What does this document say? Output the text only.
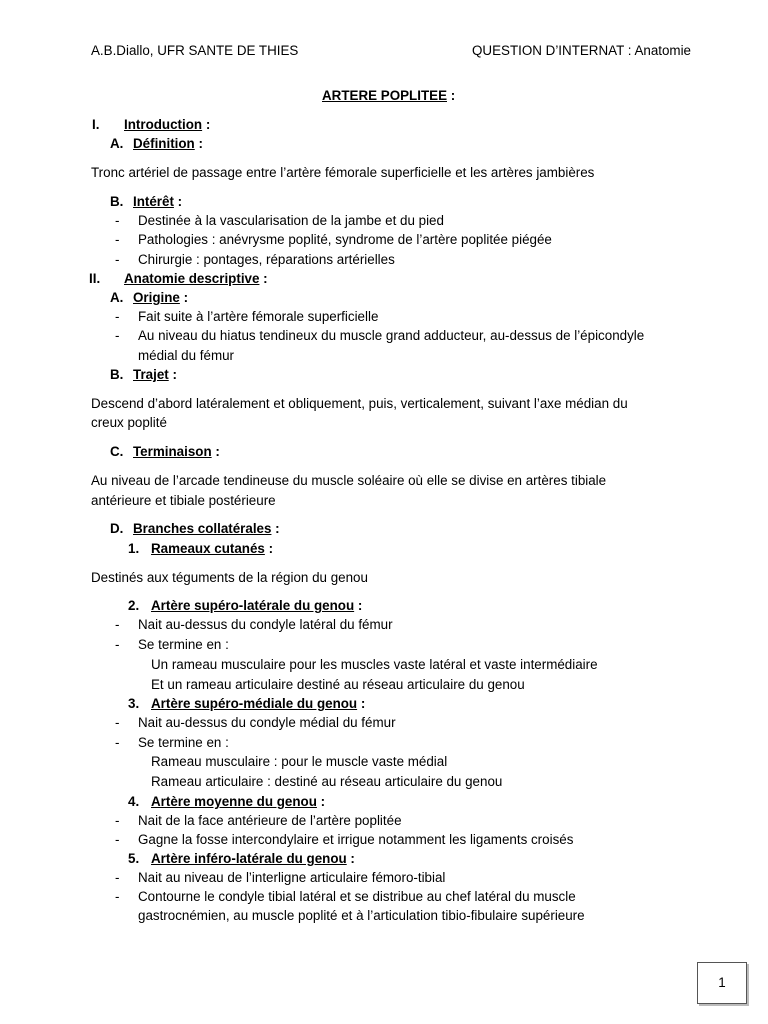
A.B.Diallo, UFR SANTE DE THIES	QUESTION D’INTERNAT : Anatomie
ARTERE POPLITEE :
I. Introduction :
A. Définition :
Tronc artériel de passage entre l’artère fémorale superficielle et les artères jambières
B. Intérêt :
- Destinée à la vascularisation de la jambe et du pied
- Pathologies : anévrysme poplité, syndrome de l’artère poplitée piégée
- Chirurgie : pontages, réparations artérielles
II. Anatomie descriptive :
A. Origine :
- Fait suite à l’artère fémorale superficielle
- Au niveau du hiatus tendineux du muscle grand adducteur, au-dessus de l’épicondyle
médial du fémur
B. Trajet :
Descend d’abord latéralement et obliquement, puis, verticalement, suivant l’axe médian du
creux poplité
C. Terminaison :
Au niveau de l’arcade tendineuse du muscle soléaire où elle se divise en artères tibiale
antérieure et tibiale postérieure
D. Branches collatérales :
1. Rameaux cutanés :
Destinés aux téguments de la région du genou
2. Artère supéro-latérale du genou :
- Nait au-dessus du condyle latéral du fémur
- Se termine en :
Un rameau musculaire pour les muscles vaste latéral et vaste intermédiaire
Et un rameau articulaire destiné au réseau articulaire du genou
3. Artère supéro-médiale du genou :
- Nait au-dessus du condyle médial du fémur
- Se termine en :
Rameau musculaire : pour le muscle vaste médial
Rameau articulaire : destiné au réseau articulaire du genou
4. Artère moyenne du genou :
- Nait de la face antérieure de l’artère poplitée
- Gagne la fosse intercondylaire et irrigue notamment les ligaments croisés
5. Artère inféro-latérale du genou :
- Nait au niveau de l’interligne articulaire fémoro-tibial
- Contourne le condyle tibial latéral et se distribue au chef latéral du muscle
gastrocnémien, au muscle poplité et à l’articulation tibio-fibulaire supérieure
1
